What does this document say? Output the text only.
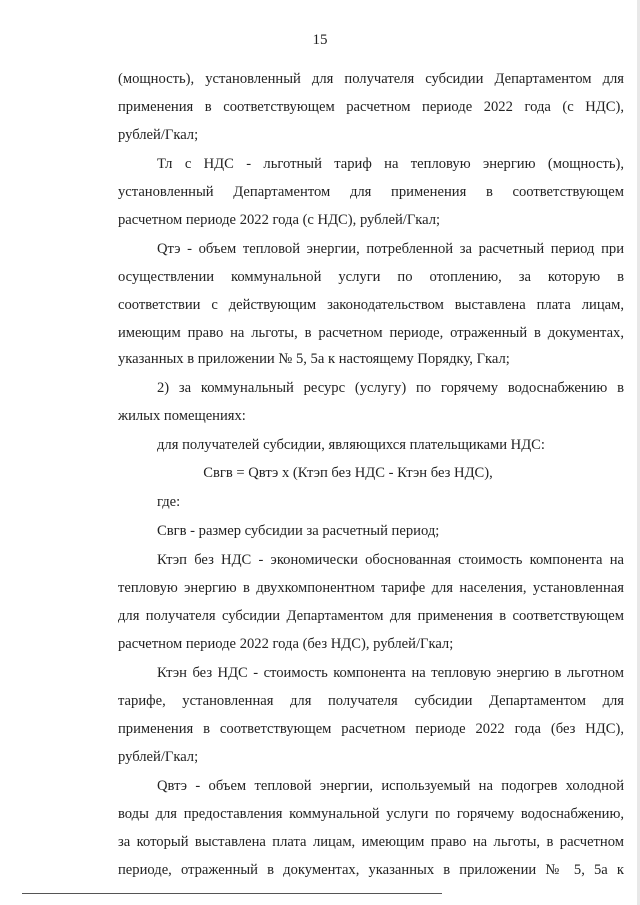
15
(мощность), установленный для получателя субсидии Департаментом для
применения в соответствующем расчетном периоде 2022 года (с НДС),
рублей/Гкал;
Тл с НДС - льготный тариф на тепловую энергию (мощность),
установленный Департаментом для применения в соответствующем
расчетном периоде 2022 года (с НДС), рублей/Гкал;
Qтэ - объем тепловой энергии, потребленной за расчетный период при
осуществлении коммунальной услуги по отоплению, за которую в
соответствии с действующим законодательством выставлена плата лицам,
имеющим право на льготы, в расчетном периоде, отраженный в документах,
указанных в приложении № 5, 5а к настоящему Порядку, Гкал;
2) за коммунальный ресурс (услугу) по горячему водоснабжению в
жилых помещениях:
для получателей субсидии, являющихся плательщиками НДС:
Свгв = Qвтэ x (Ктэп без НДС - Ктэн без НДС),
где:
Свгв - размер субсидии за расчетный период;
Ктэп без НДС - экономически обоснованная стоимость компонента на
тепловую энергию в двухкомпонентном тарифе для населения, установленная
для получателя субсидии Департаментом для применения в соответствующем
расчетном периоде 2022 года (без НДС), рублей/Гкал;
Ктэн без НДС - стоимость компонента на тепловую энергию в льготном
тарифе, установленная для получателя субсидии Департаментом для
применения в соответствующем расчетном периоде 2022 года (без НДС),
рублей/Гкал;
Qвтэ - объем тепловой энергии, используемый на подогрев холодной
воды для предоставления коммунальной услуги по горячему водоснабжению,
за который выставлена плата лицам, имеющим право на льготы, в расчетном
периоде, отраженный в документах, указанных в приложении № 5, 5а к
